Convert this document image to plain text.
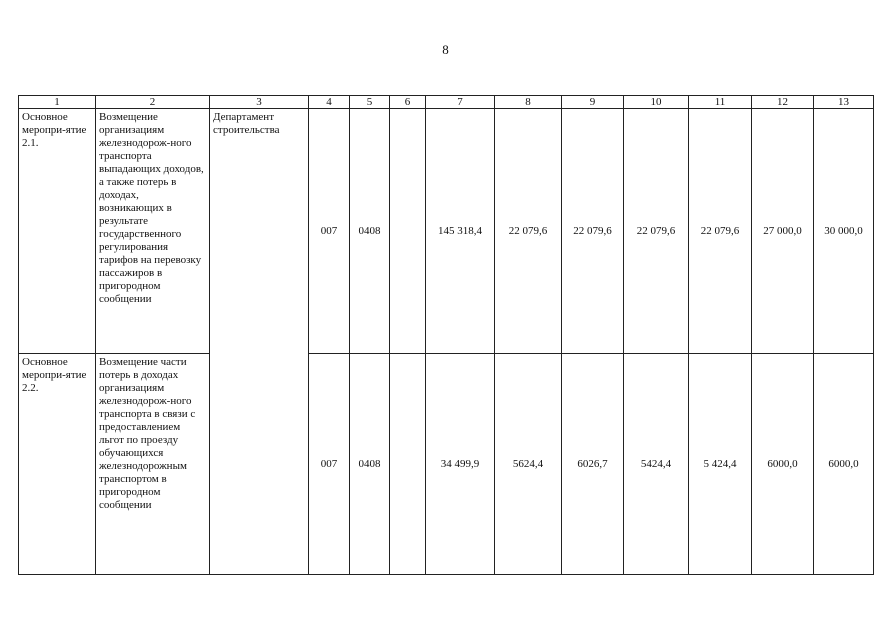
8
1	2	3	4	5	6	7	8	9	10	11	12	13
Основное меропри-ятие 2.1.	Возмещение организациям железнодорож-ного транспорта выпадающих доходов, а также потерь в доходах, возникающих в результате государственного регулирования тарифов на перевозку пассажиров в пригородном сообщении	Департамент строительства	007	0408		145 318,4	22 079,6	22 079,6	22 079,6	22 079,6	27 000,0	30 000,0
Основное меропри-ятие 2.2.	Возмещение части потерь в доходах организациям железнодорож-ного транспорта в связи с предоставлением льгот по проезду обучающихся железнодорожным транспортом в пригородном сообщении		007	0408		34 499,9	5624,4	6026,7	5424,4	5 424,4	6000,0	6000,0
